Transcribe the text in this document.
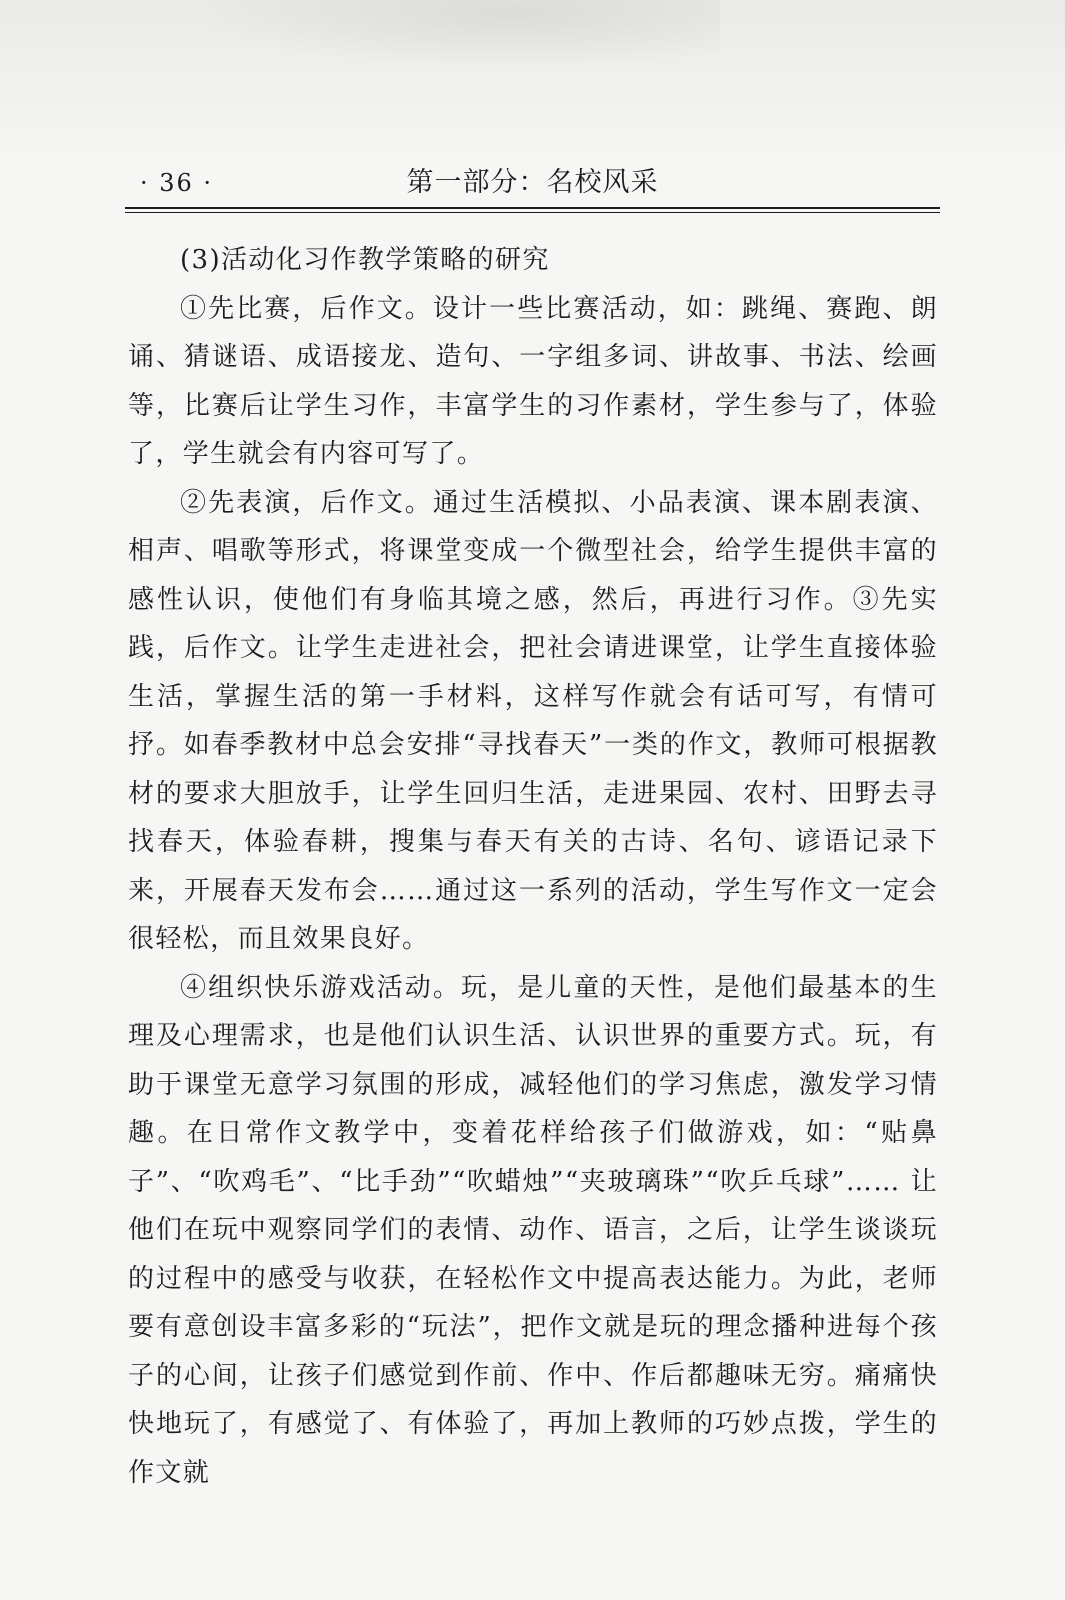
· 36 ·	第一部分：名校风采

(3)活动化习作教学策略的研究

①先比赛，后作文。设计一些比赛活动，如：跳绳、赛跑、朗诵、猜谜语、成语接龙、造句、一字组多词、讲故事、书法、绘画等，比赛后让学生习作，丰富学生的习作素材，学生参与了，体验了，学生就会有内容可写了。

②先表演，后作文。通过生活模拟、小品表演、课本剧表演、相声、唱歌等形式，将课堂变成一个微型社会，给学生提供丰富的感性认识，使他们有身临其境之感，然后，再进行习作。③先实践，后作文。让学生走进社会，把社会请进课堂，让学生直接体验生活，掌握生活的第一手材料，这样写作就会有话可写，有情可抒。如春季教材中总会安排“寻找春天”一类的作文，教师可根据教材的要求大胆放手，让学生回归生活，走进果园、农村、田野去寻找春天，体验春耕，搜集与春天有关的古诗、名句、谚语记录下来，开展春天发布会……通过这一系列的活动，学生写作文一定会很轻松，而且效果良好。

④组织快乐游戏活动。玩，是儿童的天性，是他们最基本的生理及心理需求，也是他们认识生活、认识世界的重要方式。玩，有助于课堂无意学习氛围的形成，减轻他们的学习焦虑，激发学习情趣。在日常作文教学中，变着花样给孩子们做游戏，如：“贴鼻子”、“吹鸡毛”、“比手劲”“吹蜡烛”“夹玻璃珠”“吹乒乓球”…… 让他们在玩中观察同学们的表情、动作、语言，之后，让学生谈谈玩的过程中的感受与收获，在轻松作文中提高表达能力。为此，老师要有意创设丰富多彩的“玩法”，把作文就是玩的理念播种进每个孩子的心间，让孩子们感觉到作前、作中、作后都趣味无穷。痛痛快快地玩了，有感觉了、有体验了，再加上教师的巧妙点拨，学生的作文就
